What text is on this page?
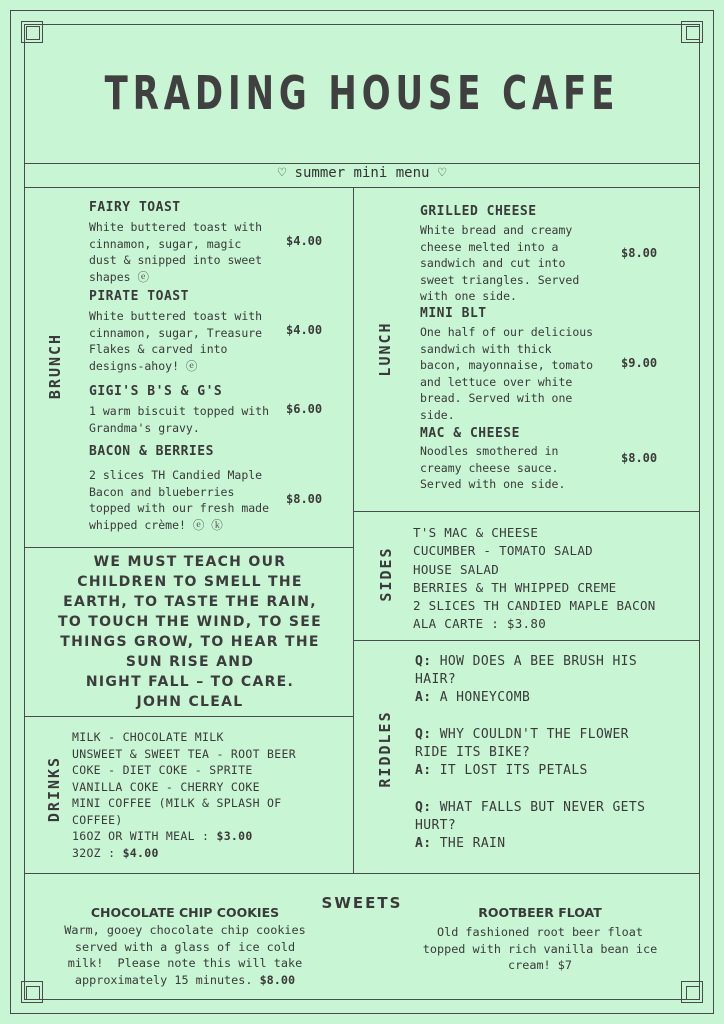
TRADING HOUSE CAFE
♡ summer mini menu ♡
BRUNCH
FAIRY TOAST
White buttered toast with
cinnamon, sugar, magic
dust & snipped into sweet
shapes ⓔ
$4.00
PIRATE TOAST
White buttered toast with
cinnamon, sugar, Treasure
Flakes & carved into
designs-ahoy! ⓔ
$4.00
GIGI'S B'S & G'S
1 warm biscuit topped with
Grandma's gravy.
$6.00
BACON & BERRIES
2 slices TH Candied Maple
Bacon and blueberries
topped with our fresh made
whipped crème! ⓔ ⓚ
$8.00
LUNCH
GRILLED CHEESE
White bread and creamy
cheese melted into a
sandwich and cut into
sweet triangles. Served
with one side.
$8.00
MINI BLT
One half of our delicious
sandwich with thick
bacon, mayonnaise, tomato
and lettuce over white
bread. Served with one
side.
$9.00
MAC & CHEESE
Noodles smothered in
creamy cheese sauce.
Served with one side.
$8.00
WE MUST TEACH OUR
CHILDREN TO SMELL THE
EARTH, TO TASTE THE RAIN,
TO TOUCH THE WIND, TO SEE
THINGS GROW, TO HEAR THE
SUN RISE AND
NIGHT FALL – TO CARE.
JOHN CLEAL
SIDES
T'S MAC & CHEESE
CUCUMBER - TOMATO SALAD
HOUSE SALAD
BERRIES & TH WHIPPED CREME
2 SLICES TH CANDIED MAPLE BACON
ALA CARTE : $3.80
DRINKS
MILK - CHOCOLATE MILK
UNSWEET & SWEET TEA - ROOT BEER
COKE - DIET COKE - SPRITE
VANILLA COKE - CHERRY COKE
MINI COFFEE (MILK & SPLASH OF
COFFEE)
16OZ OR WITH MEAL : $3.00
32OZ : $4.00
RIDDLES
Q: HOW DOES A BEE BRUSH HIS
HAIR?
A: A HONEYCOMB
Q: WHY COULDN'T THE FLOWER
RIDE ITS BIKE?
A: IT LOST ITS PETALS
Q: WHAT FALLS BUT NEVER GETS
HURT?
A: THE RAIN
SWEETS
CHOCOLATE CHIP COOKIES
Warm, gooey chocolate chip cookies
served with a glass of ice cold
milk!  Please note this will take
approximately 15 minutes. $8.00
ROOTBEER FLOAT
Old fashioned root beer float
topped with rich vanilla bean ice
cream! $7
